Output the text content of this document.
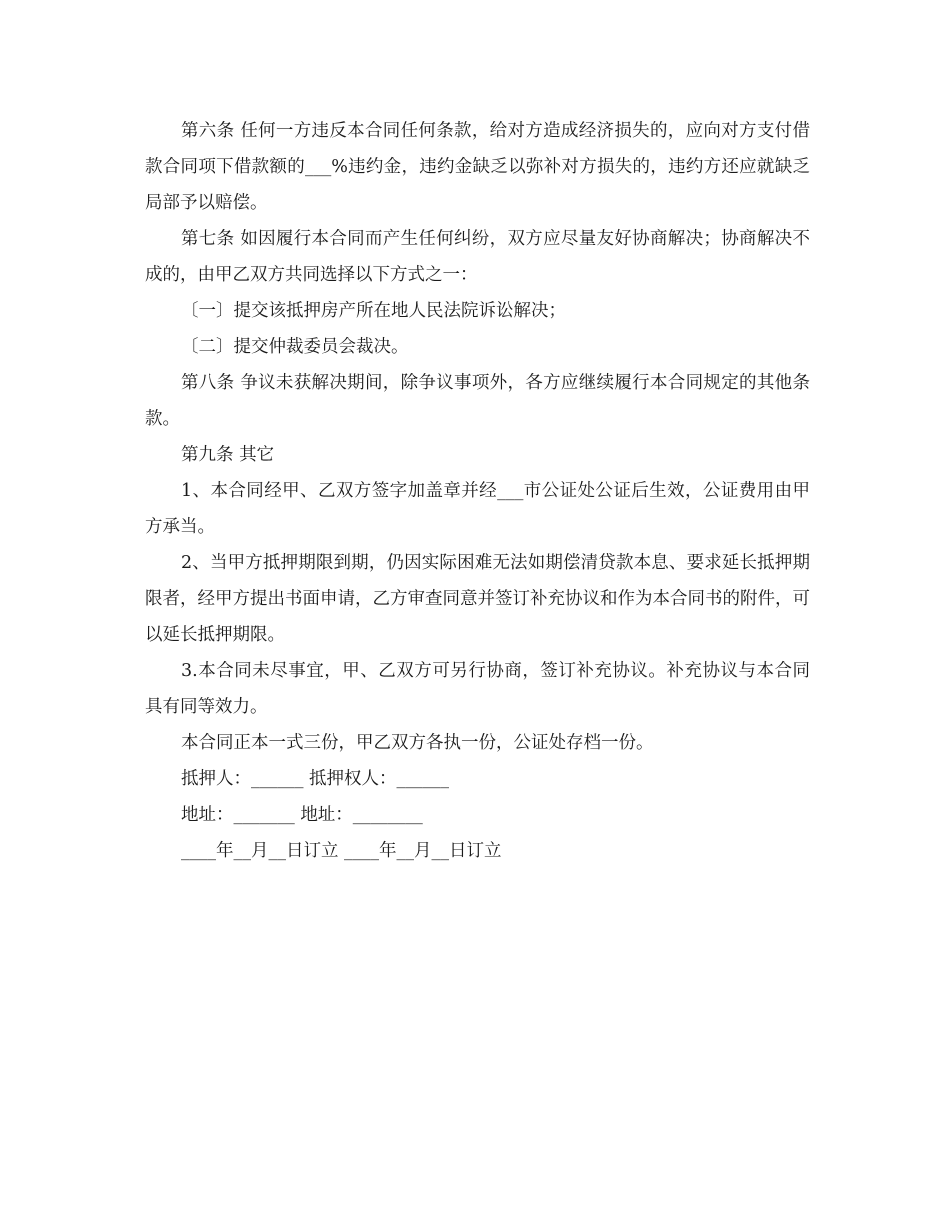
第六条 任何一方违反本合同任何条款，给对方造成经济损失的，应向对方支付借款合同项下借款额的___%违约金，违约金缺乏以弥补对方损失的，违约方还应就缺乏局部予以赔偿。

第七条 如因履行本合同而产生任何纠纷，双方应尽量友好协商解决；协商解决不成的，由甲乙双方共同选择以下方式之一：

〔一〕提交该抵押房产所在地人民法院诉讼解决；

〔二〕提交仲裁委员会裁决。

第八条 争议未获解决期间，除争议事项外，各方应继续履行本合同规定的其他条款。

第九条 其它

1、本合同经甲、乙双方签字加盖章并经___市公证处公证后生效，公证费用由甲方承当。

2、当甲方抵押期限到期，仍因实际困难无法如期偿清贷款本息、要求延长抵押期限者，经甲方提出书面申请，乙方审查同意并签订补充协议和作为本合同书的附件，可以延长抵押期限。

3.本合同未尽事宜，甲、乙双方可另行协商，签订补充协议。补充协议与本合同具有同等效力。

本合同正本一式三份，甲乙双方各执一份，公证处存档一份。

抵押人：______ 抵押权人：______

地址：_______ 地址：________

____年__月__日订立 ____年__月__日订立
